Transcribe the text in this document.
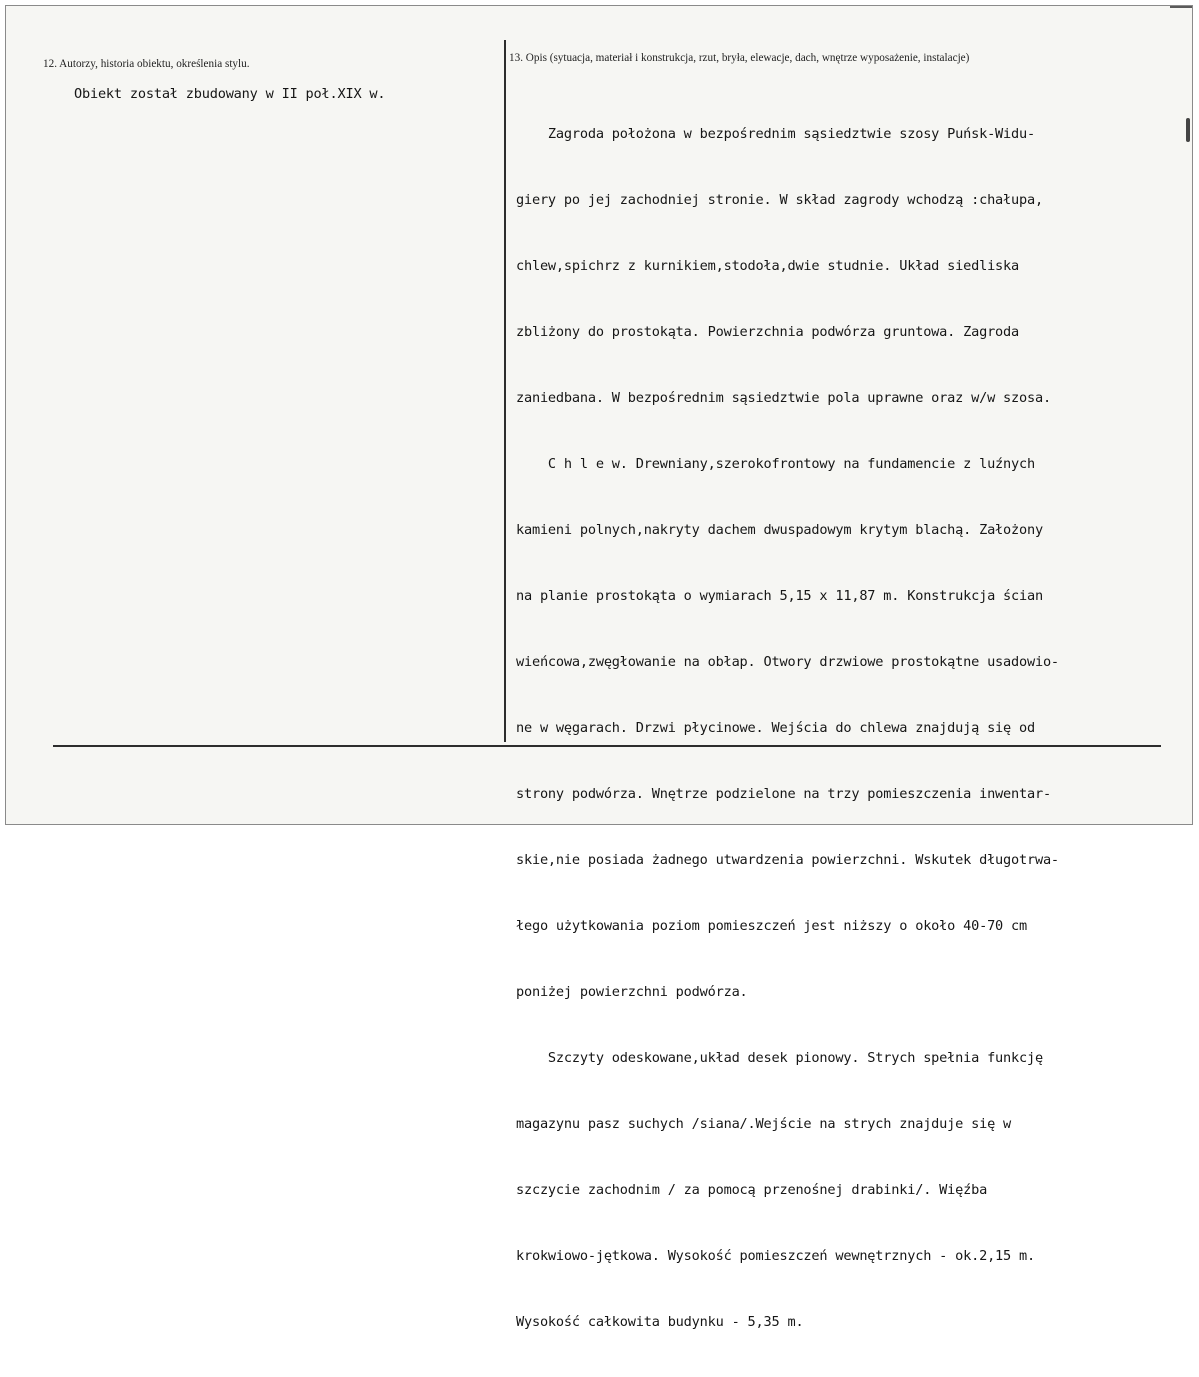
12. Autorzy, historia obiektu, określenia stylu.	13. Opis (sytuacja, materiał i konstrukcja, rzut, bryła, elewacje, dach, wnętrze wyposażenie, instalacje)
Obiekt został zbudowany w II poł.XIX w.

Zagroda położona w bezpośrednim sąsiedztwie szosy Puńsk-Widu-

giery po jej zachodniej stronie. W skład zagrody wchodzą :chałupa,

chlew,spichrz z kurnikiem,stodoła,dwie studnie. Układ siedliska

zbliżony do prostokąta. Powierzchnia podwórza gruntowa. Zagroda

zaniedbana. W bezpośrednim sąsiedztwie pola uprawne oraz w/w szosa.

C h l e w. Drewniany,szerokofrontowy na fundamencie z luźnych

kamieni polnych,nakryty dachem dwuspadowym krytym blachą. Założony

na planie prostokąta o wymiarach 5,15 x 11,87 m. Konstrukcja ścian

wieńcowa,zwęgłowanie na obłap. Otwory drzwiowe prostokątne usadowio-

ne w węgarach. Drzwi płycinowe. Wejścia do chlewa znajdują się od

strony podwórza. Wnętrze podzielone na trzy pomieszczenia inwentar-

skie,nie posiada żadnego utwardzenia powierzchni. Wskutek długotrwa-

łego użytkowania poziom pomieszczeń jest niższy o około 40-70 cm

poniżej powierzchni podwórza.

Szczyty odeskowane,układ desek pionowy. Strych spełnia funkcję

magazynu pasz suchych /siana/.Wejście na strych znajduje się w

szczycie zachodnim / za pomocą przenośnej drabinki/. Więźba

krokwiowo-jętkowa. Wysokość pomieszczeń wewnętrznych - ok.2,15 m.

Wysokość całkowita budynku - 5,35 m.
